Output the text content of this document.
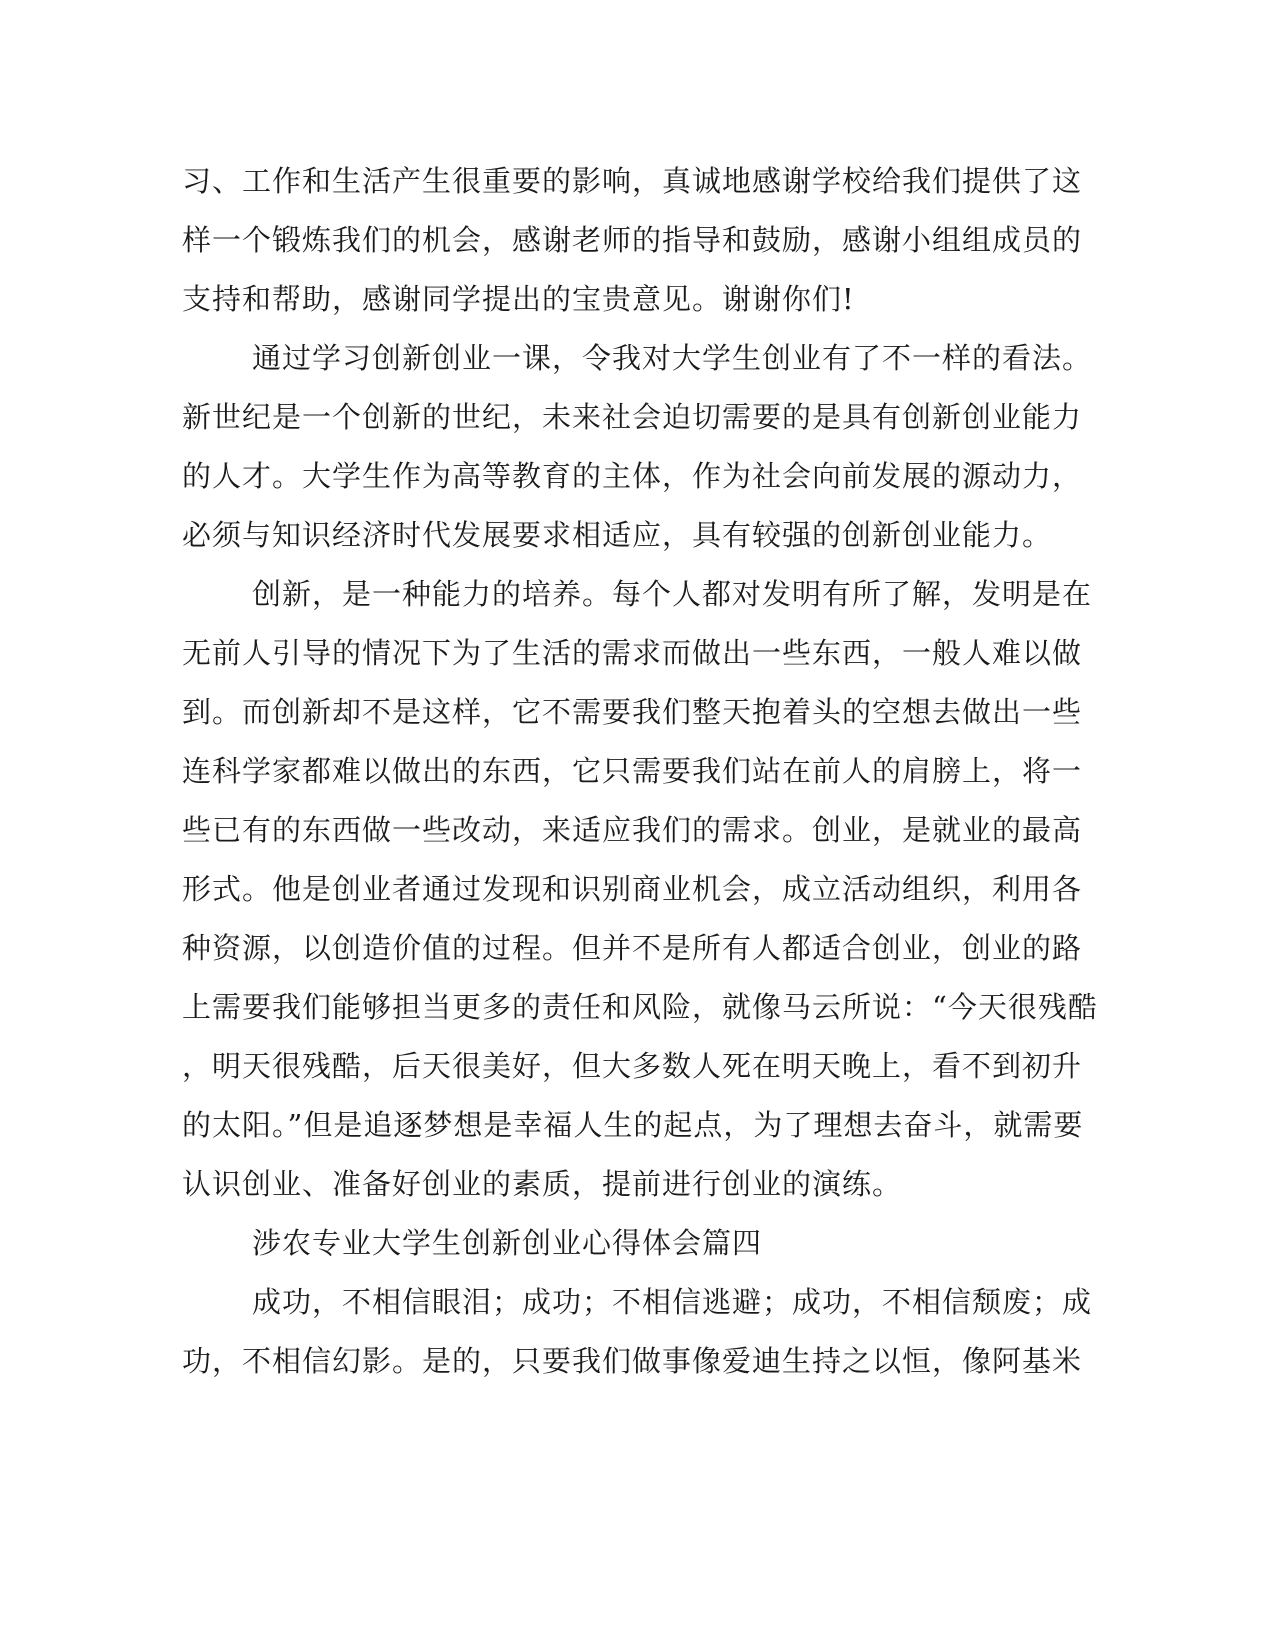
习、工作和生活产生很重要的影响，真诚地感谢学校给我们提供了这
样一个锻炼我们的机会，感谢老师的指导和鼓励，感谢小组组成员的
支持和帮助，感谢同学提出的宝贵意见。谢谢你们!
通过学习创新创业一课，令我对大学生创业有了不一样的看法。
新世纪是一个创新的世纪，未来社会迫切需要的是具有创新创业能力
的人才。大学生作为高等教育的主体，作为社会向前发展的源动力，
必须与知识经济时代发展要求相适应，具有较强的创新创业能力。
创新，是一种能力的培养。每个人都对发明有所了解，发明是在
无前人引导的情况下为了生活的需求而做出一些东西，一般人难以做
到。而创新却不是这样，它不需要我们整天抱着头的空想去做出一些
连科学家都难以做出的东西，它只需要我们站在前人的肩膀上，将一
些已有的东西做一些改动，来适应我们的需求。创业，是就业的最高
形式。他是创业者通过发现和识别商业机会，成立活动组织，利用各
种资源，以创造价值的过程。但并不是所有人都适合创业，创业的路
上需要我们能够担当更多的责任和风险，就像马云所说：“今天很残酷
，明天很残酷，后天很美好，但大多数人死在明天晚上，看不到初升
的太阳。”但是追逐梦想是幸福人生的起点，为了理想去奋斗，就需要
认识创业、准备好创业的素质，提前进行创业的演练。
涉农专业大学生创新创业心得体会篇四
成功，不相信眼泪；成功；不相信逃避；成功，不相信颓废；成
功，不相信幻影。是的，只要我们做事像爱迪生持之以恒，像阿基米
